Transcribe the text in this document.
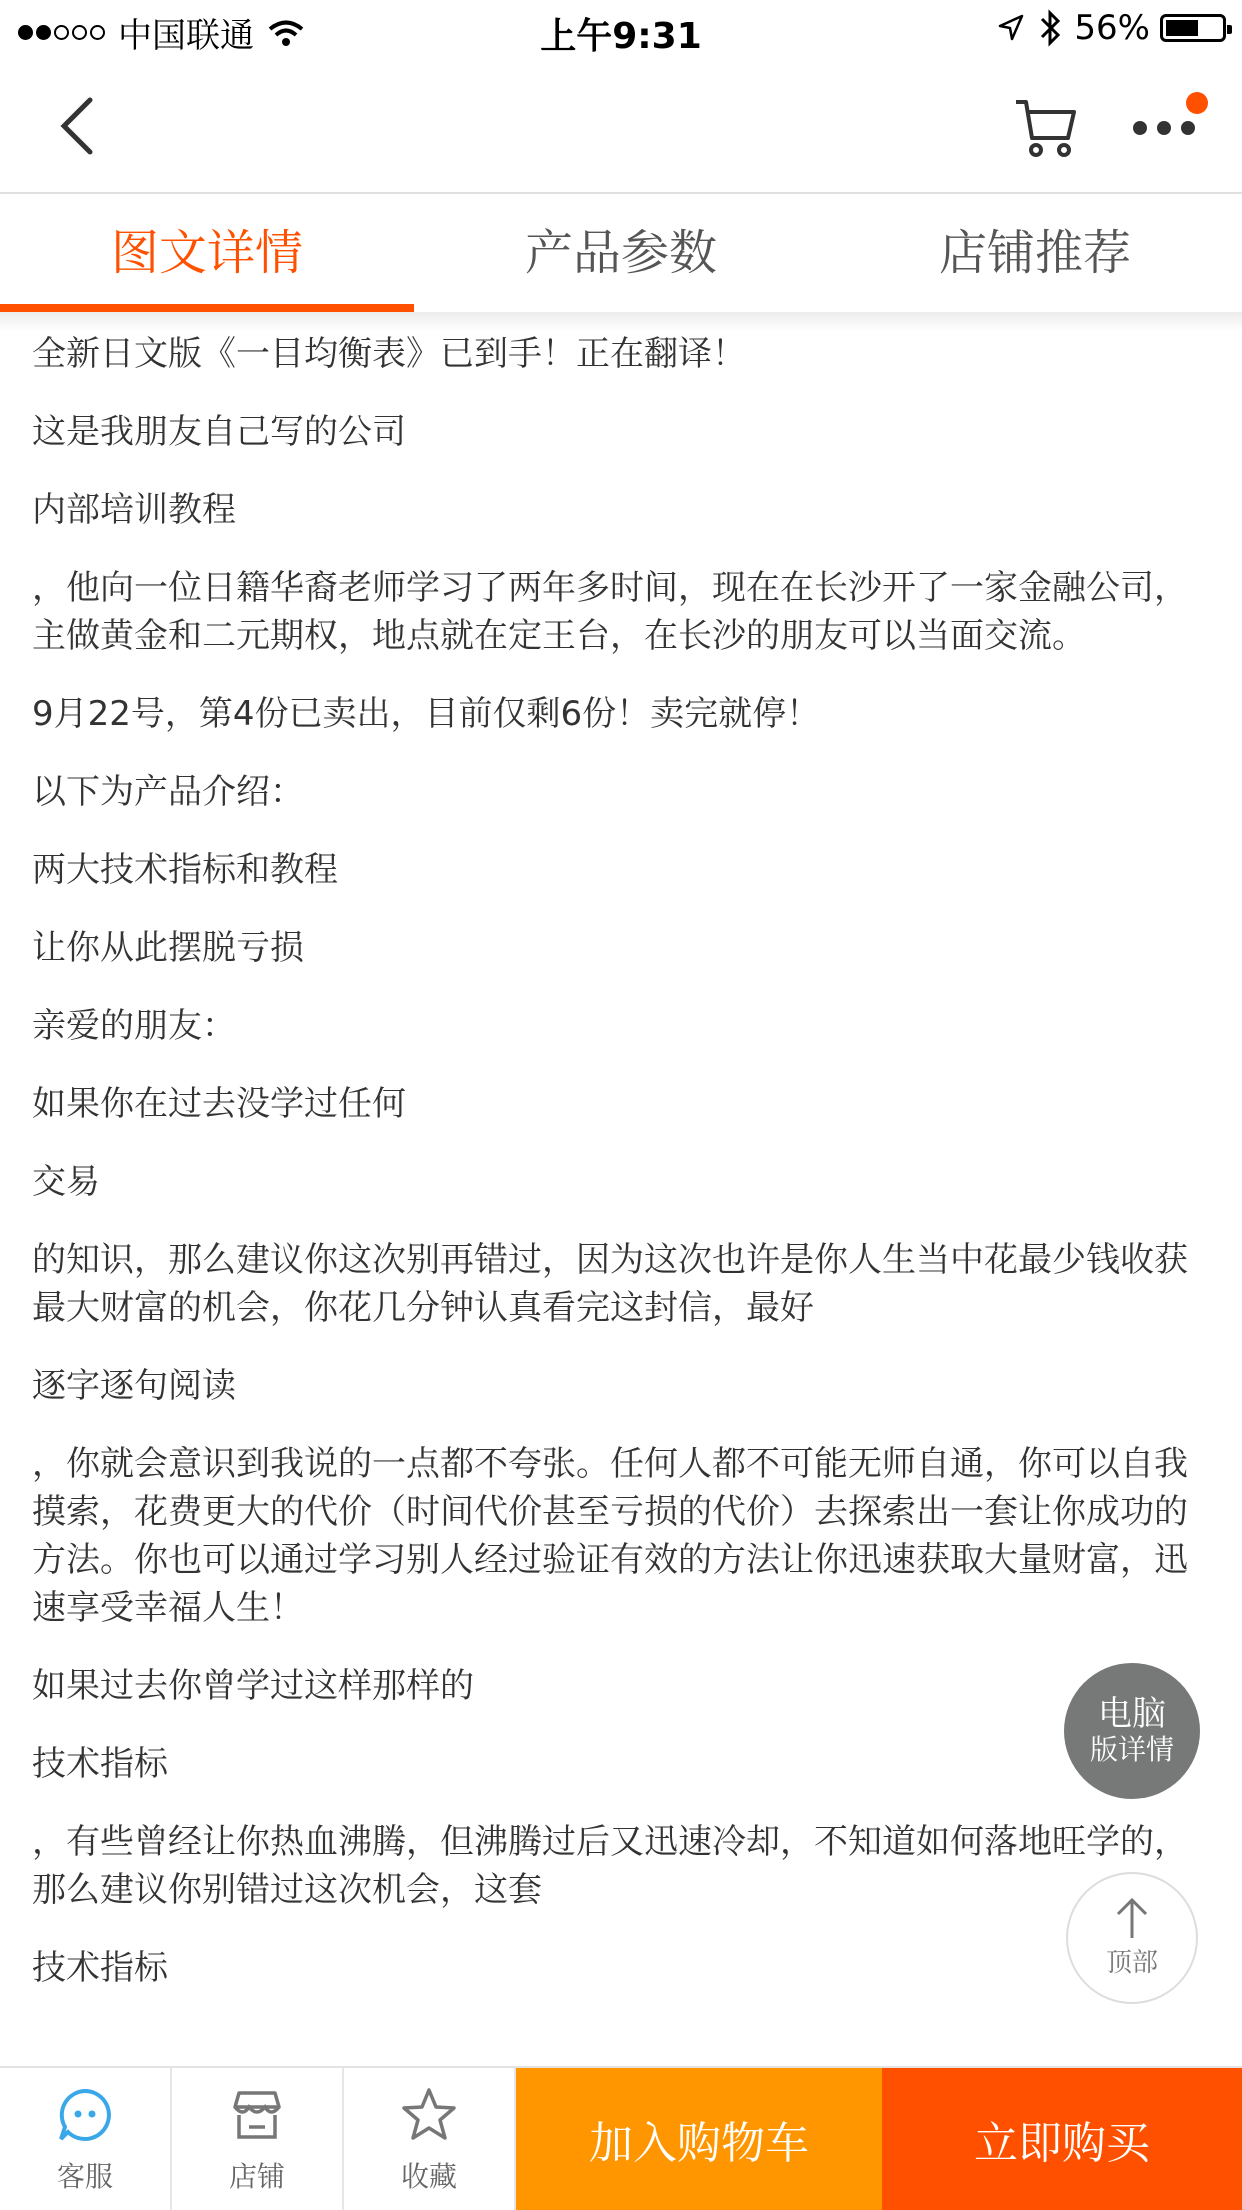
中国联通	上午9:31	56%
图文详情	产品参数	店铺推荐

全新日文版《一目均衡表》已到手！正在翻译！

这是我朋友自己写的公司

内部培训教程

，他向一位日籍华裔老师学习了两年多时间，现在在长沙开了一家金融公司，主做黄金和二元期权，地点就在定王台，在长沙的朋友可以当面交流。

9月22号，第4份已卖出，目前仅剩6份！卖完就停！

以下为产品介绍：

两大技术指标和教程

让你从此摆脱亏损

亲爱的朋友：

如果你在过去没学过任何

交易

的知识，那么建议你这次别再错过，因为这次也许是你人生当中花最少钱收获最大财富的机会，你花几分钟认真看完这封信，最好

逐字逐句阅读

，你就会意识到我说的一点都不夸张。任何人都不可能无师自通，你可以自我摸索，花费更大的代价（时间代价甚至亏损的代价）去探索出一套让你成功的方法。你也可以通过学习别人经过验证有效的方法让你迅速获取大量财富，迅速享受幸福人生！

如果过去你曾学过这样那样的

技术指标

，有些曾经让你热血沸腾，但沸腾过后又迅速冷却，不知道如何落地旺学的，那么建议你别错过这次机会，这套

技术指标

电脑
版详情
顶部
客服	店铺	收藏
加入购物车	立即购买
